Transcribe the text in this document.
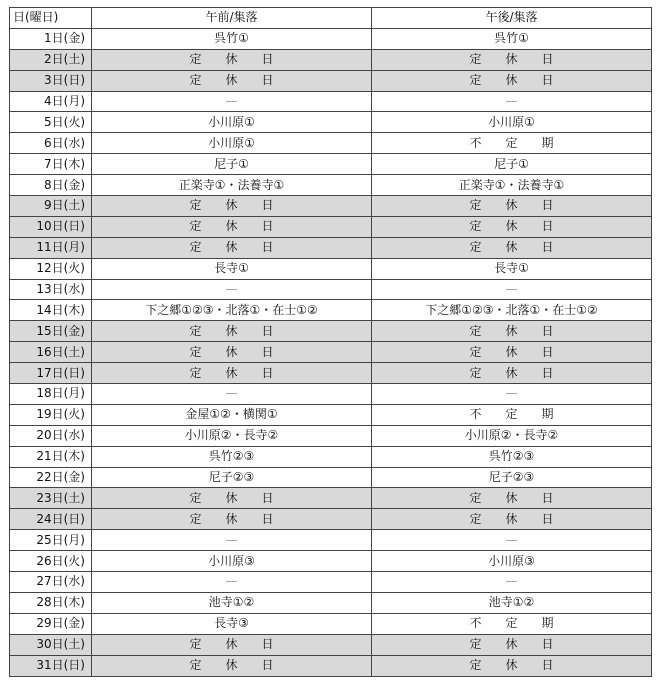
日(曜日)	午前/集落	午後/集落
1日(金)	呉竹①	呉竹①
2日(土)	定　　休　　日	定　　休　　日
3日(日)	定　　休　　日	定　　休　　日
4日(月)	—	—
5日(火)	小川原①	小川原①
6日(水)	小川原①	不　　定　　期
7日(木)	尼子①	尼子①
8日(金)	正楽寺①・法養寺①	正楽寺①・法養寺①
9日(土)	定　　休　　日	定　　休　　日
10日(日)	定　　休　　日	定　　休　　日
11日(月)	定　　休　　日	定　　休　　日
12日(火)	長寺①	長寺①
13日(水)	—	—
14日(木)	下之郷①②③・北落①・在士①②	下之郷①②③・北落①・在士①②
15日(金)	定　　休　　日	定　　休　　日
16日(土)	定　　休　　日	定　　休　　日
17日(日)	定　　休　　日	定　　休　　日
18日(月)	—	—
19日(火)	金屋①②・横関①	不　　定　　期
20日(水)	小川原②・長寺②	小川原②・長寺②
21日(木)	呉竹②③	呉竹②③
22日(金)	尼子②③	尼子②③
23日(土)	定　　休　　日	定　　休　　日
24日(日)	定　　休　　日	定　　休　　日
25日(月)	—	—
26日(火)	小川原③	小川原③
27日(水)	—	—
28日(木)	池寺①②	池寺①②
29日(金)	長寺③	不　　定　　期
30日(土)	定　　休　　日	定　　休　　日
31日(日)	定　　休　　日	定　　休　　日
